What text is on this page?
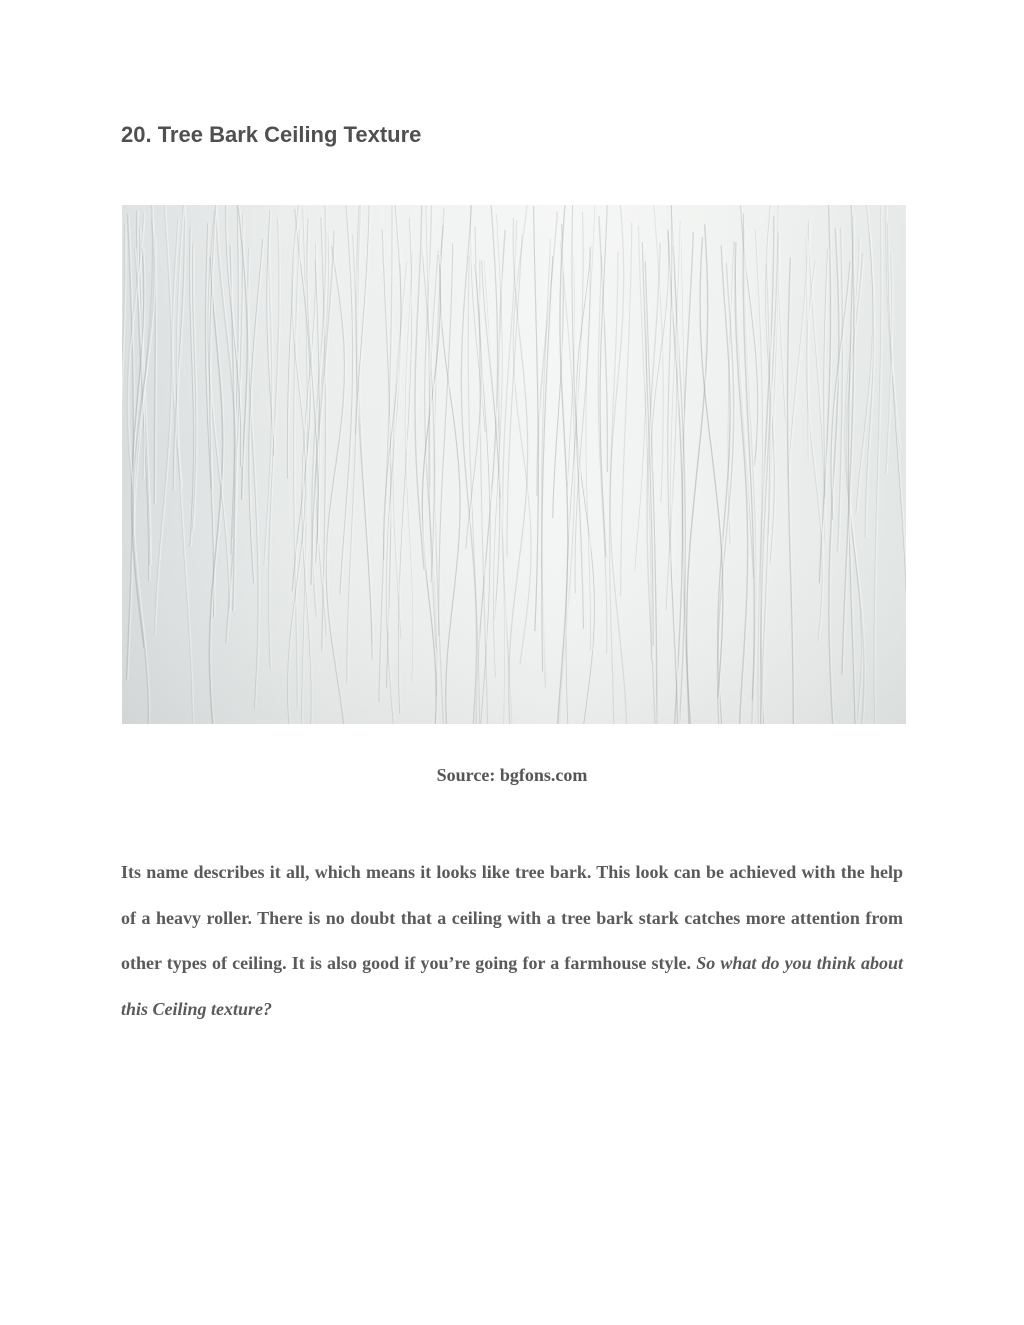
20. Tree Bark Ceiling Texture
Source: bgfons.com

Its name describes it all, which means it looks like tree bark. This look can be achieved with the help of a heavy roller. There is no doubt that a ceiling with a tree bark stark catches more attention from other types of ceiling. It is also good if you’re going for a farmhouse style. So what do you think about this Ceiling texture?
